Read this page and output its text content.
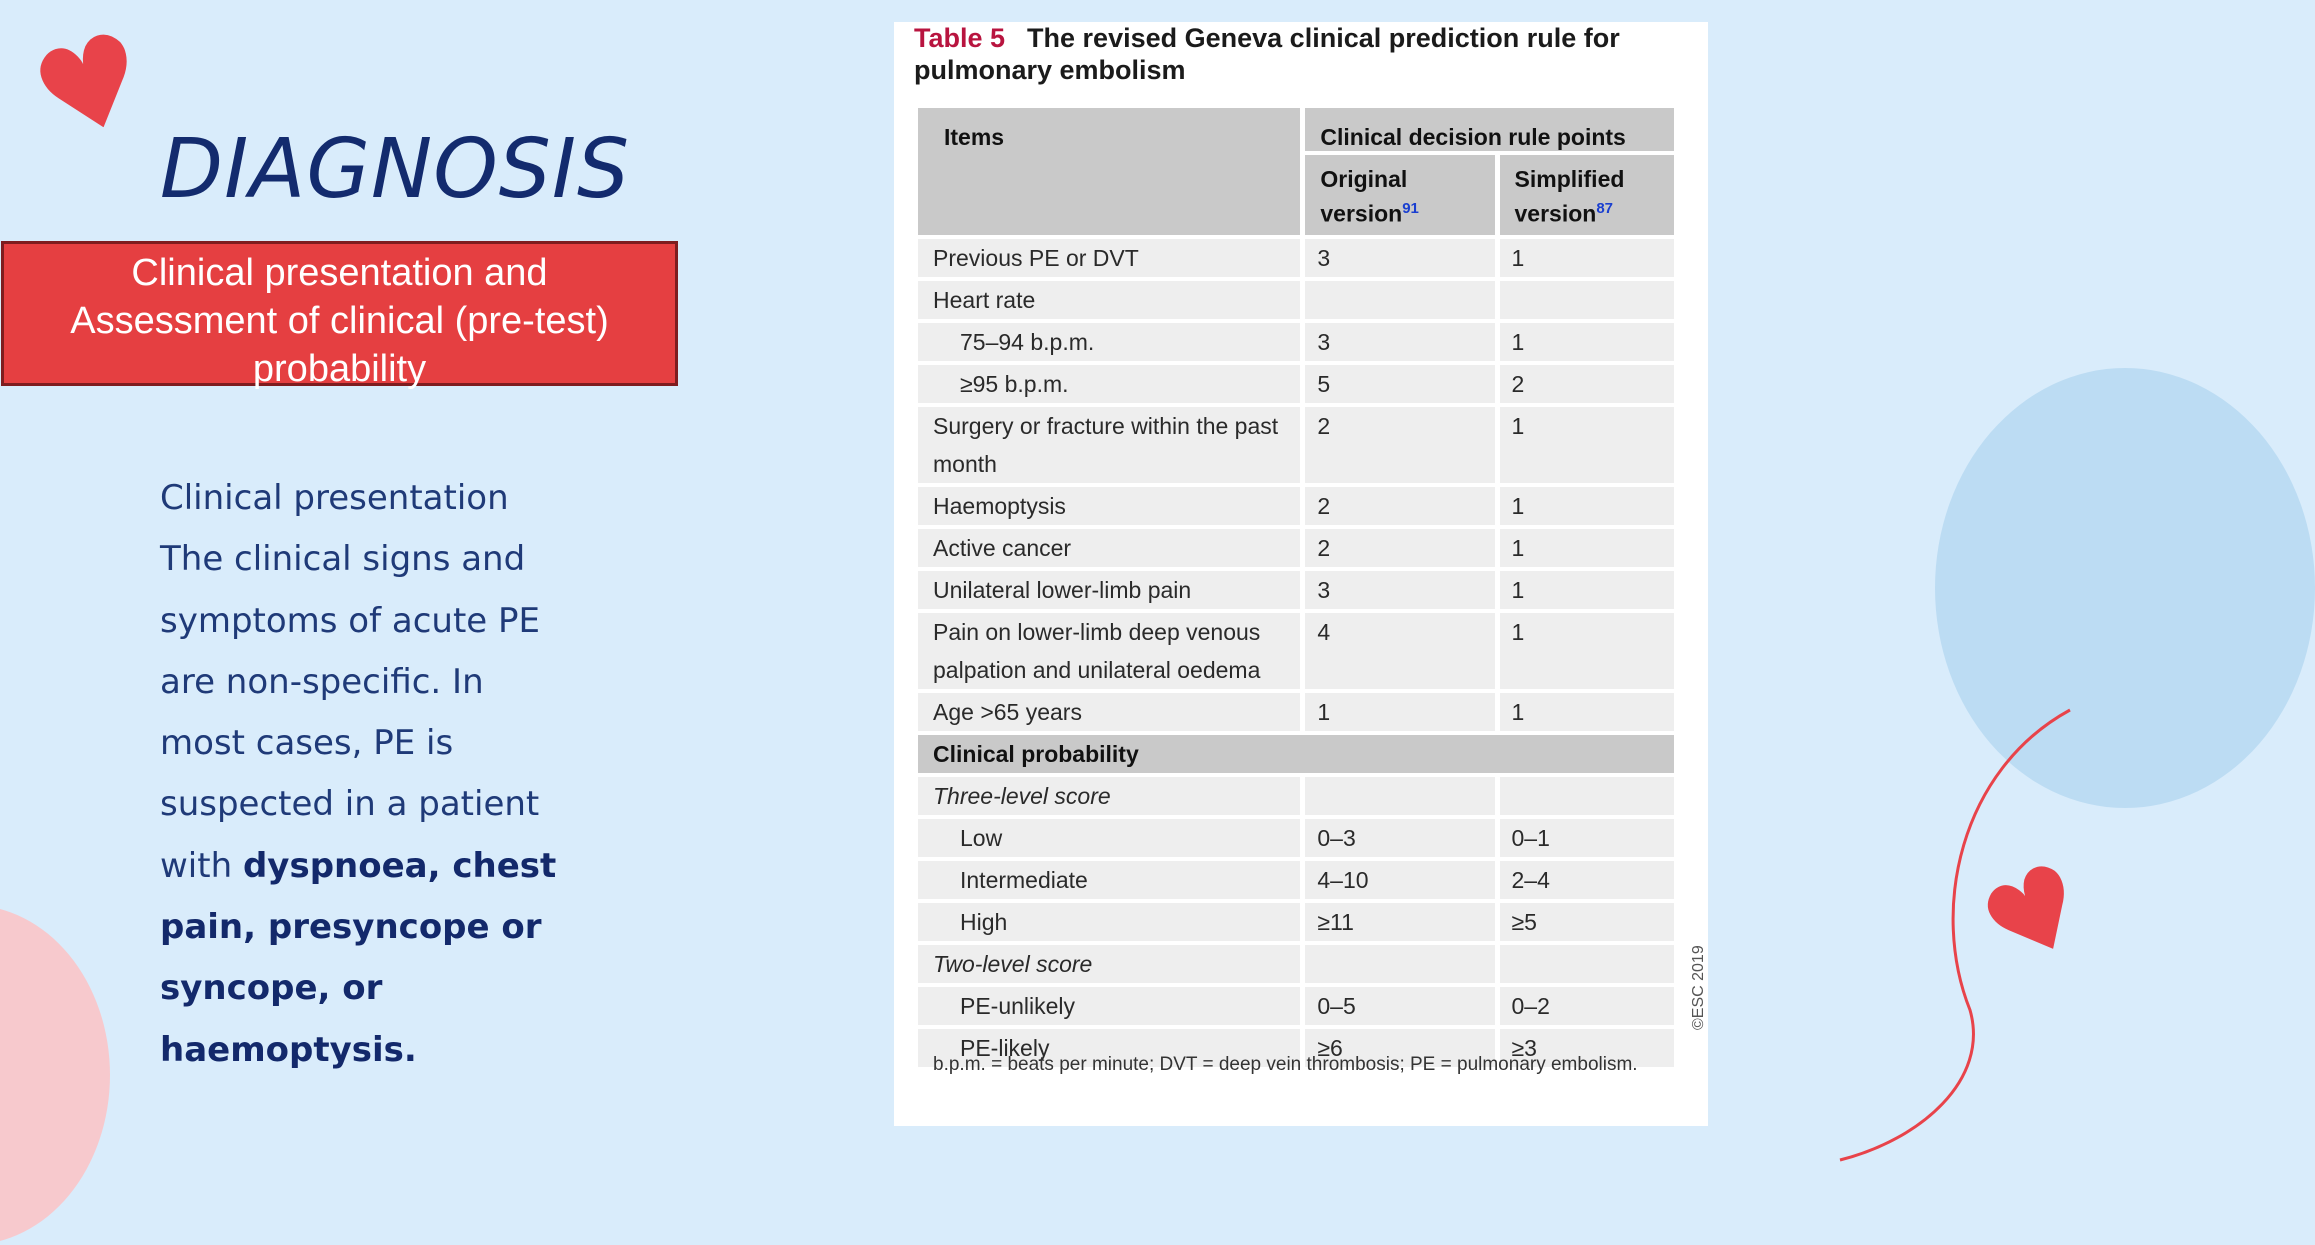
♥
♥
DIAGNOSIS
Clinical presentation and
Assessment of clinical (pre-test)
probability
Clinical presentation
The clinical signs and
symptoms of acute PE
are non-specific. In
most cases, PE is
suspected in a patient
with dyspnoea, chest
pain, presyncope or
syncope, or
haemoptysis.
Table 5 The revised Geneva clinical prediction rule for pulmonary embolism
Items	Clinical decision rule points	
	Original version$^{91}$	Simplified version$^{87}$
Previous PE or DVT	3	1
Heart rate		
75–94 b.p.m.	3	1
≥95 b.p.m.	5	2
Surgery or fracture within the past month	2	1
Haemoptysis	2	1
Active cancer	2	1
Unilateral lower-limb pain	3	1
Pain on lower-limb deep venous palpation and unilateral oedema	4	1
Age >65 years	1	1
Clinical probability		
Three-level score		
Low	0–3	0–1
Intermediate	4–10	2–4
High	≥11	≥5
Two-level score		
PE-unlikely	0–5	0–2
PE-likely	≥6	≥3
b.p.m. = beats per minute; DVT = deep vein thrombosis; PE = pulmonary embolism.
©ESC 2019
